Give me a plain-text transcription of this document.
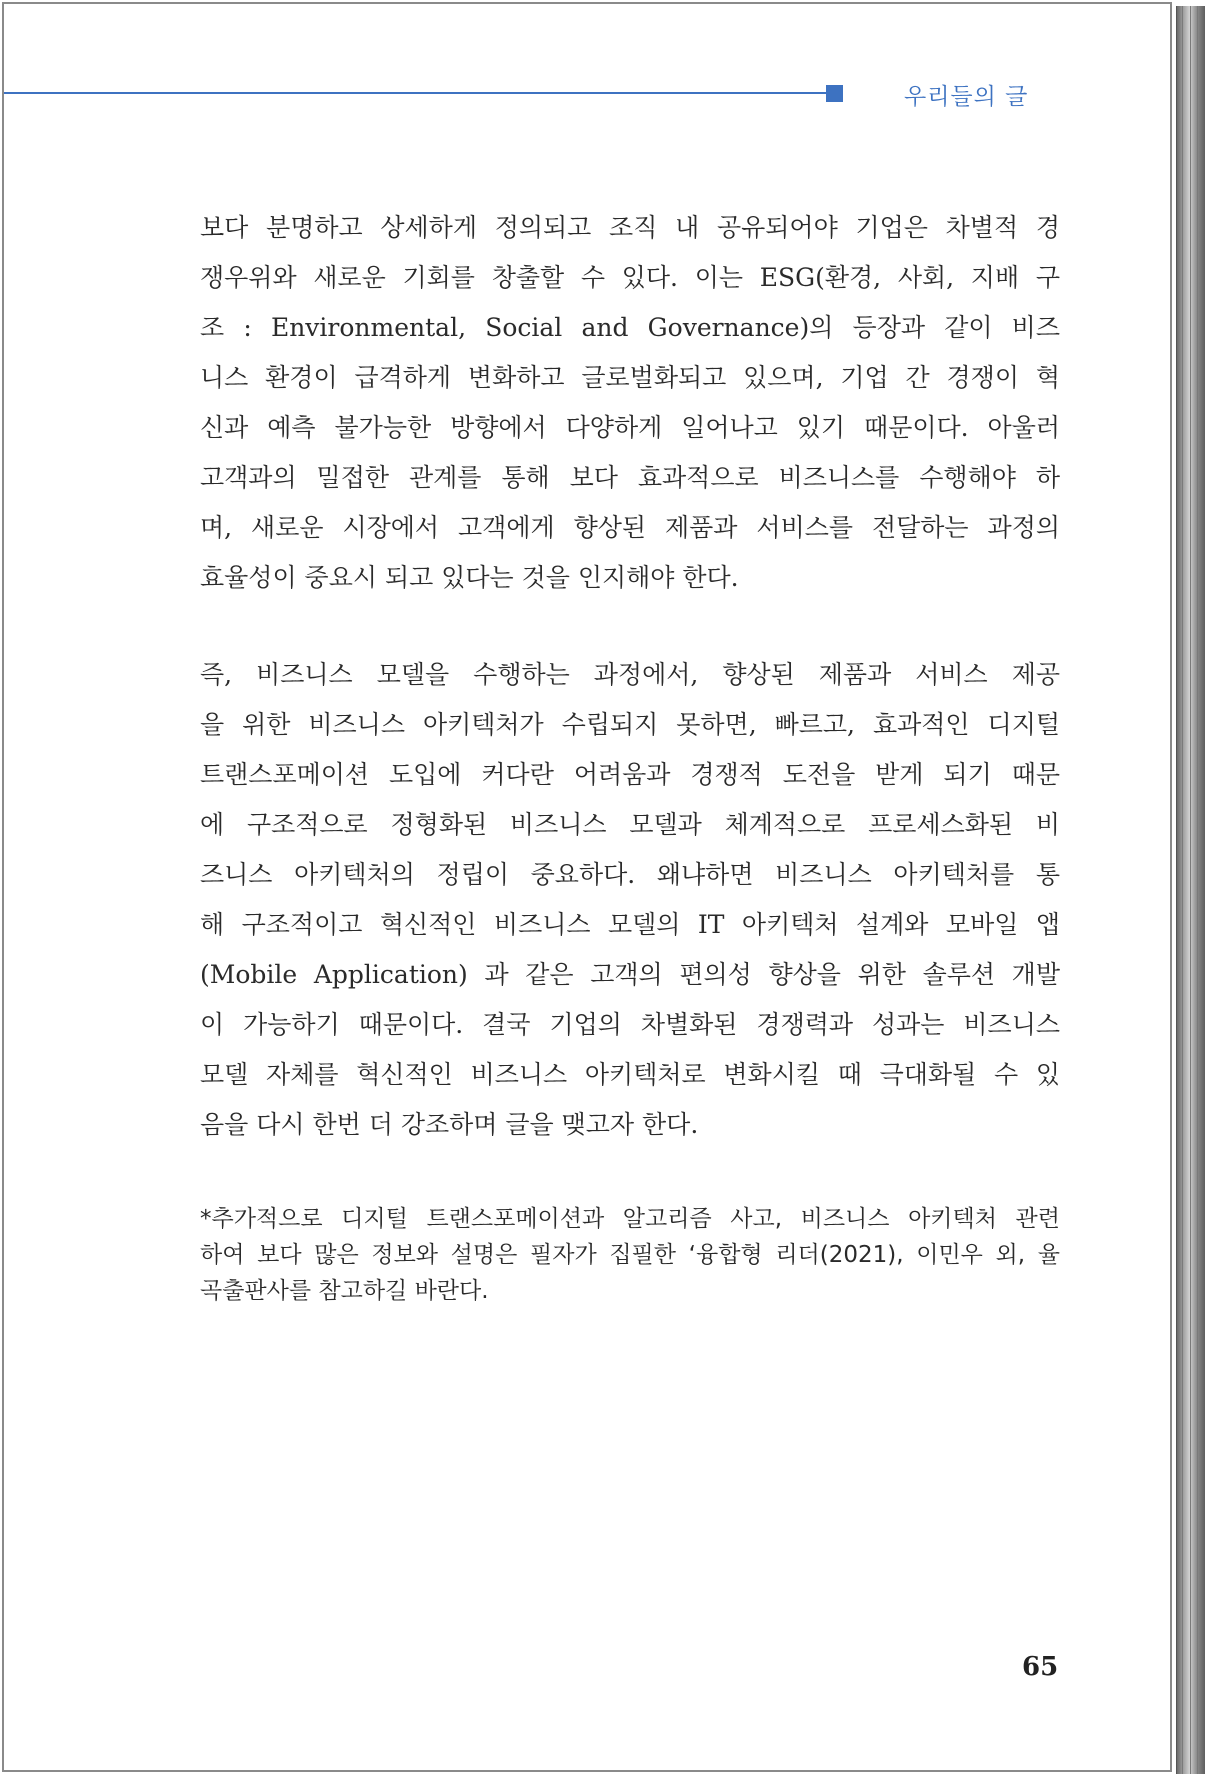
우리들의 글
보다 분명하고 상세하게 정의되고 조직 내 공유되어야 기업은 차별적 경
쟁우위와 새로운 기회를 창출할 수 있다. 이는 ESG(환경, 사회, 지배 구
조 : Environmental, Social and Governance)의 등장과 같이 비즈
니스 환경이 급격하게 변화하고 글로벌화되고 있으며, 기업 간 경쟁이 혁
신과 예측 불가능한 방향에서 다양하게 일어나고 있기 때문이다. 아울러
고객과의 밀접한 관계를 통해 보다 효과적으로 비즈니스를 수행해야 하
며, 새로운 시장에서 고객에게 향상된 제품과 서비스를 전달하는 과정의
효율성이 중요시 되고 있다는 것을 인지해야 한다.
즉, 비즈니스 모델을 수행하는 과정에서, 향상된 제품과 서비스 제공
을 위한 비즈니스 아키텍처가 수립되지 못하면, 빠르고, 효과적인 디지털
트랜스포메이션 도입에 커다란 어려움과 경쟁적 도전을 받게 되기 때문
에 구조적으로 정형화된 비즈니스 모델과 체계적으로 프로세스화된 비
즈니스 아키텍처의 정립이 중요하다. 왜냐하면 비즈니스 아키텍처를 통
해 구조적이고 혁신적인 비즈니스 모델의 IT 아키텍처 설계와 모바일 앱
(Mobile Application) 과 같은 고객의 편의성 향상을 위한 솔루션 개발
이 가능하기 때문이다. 결국 기업의 차별화된 경쟁력과 성과는 비즈니스
모델 자체를 혁신적인 비즈니스 아키텍처로 변화시킬 때 극대화될 수 있
음을 다시 한번 더 강조하며 글을 맺고자 한다.
*추가적으로 디지털 트랜스포메이션과 알고리즘 사고, 비즈니스 아키텍처 관련
하여 보다 많은 정보와 설명은 필자가 집필한 ‘융합형 리더(2021), 이민우 외, 율
곡출판사를 참고하길 바란다.
65
